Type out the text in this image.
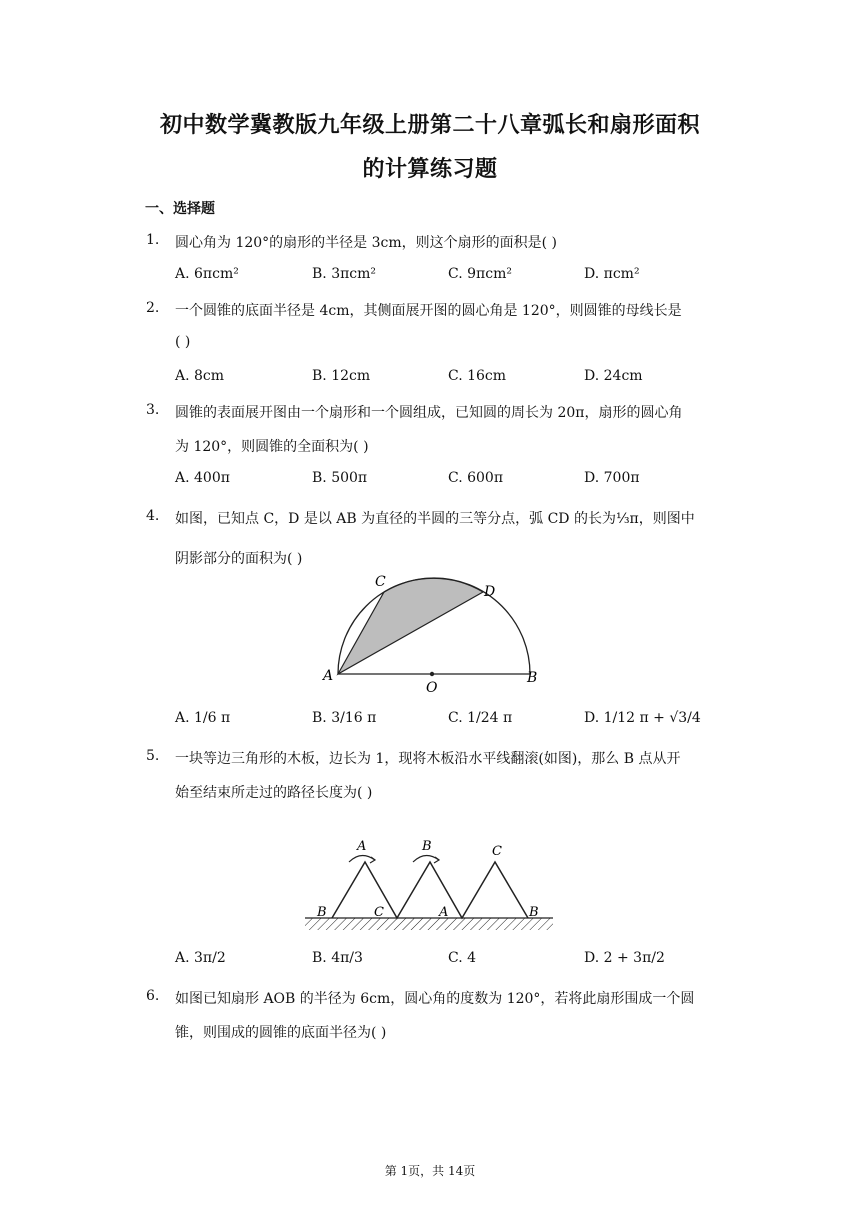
初中数学冀教版九年级上册第二十八章弧长和扇形面积
的计算练习题
一、选择题
1. 圆心角为 120°的扇形的半径是 3cm，则这个扇形的面积是( )
A. 6πcm²	B. 3πcm²	C. 9πcm²	D. πcm²
2. 一个圆锥的底面半径是 4cm，其侧面展开图的圆心角是 120°，则圆锥的母线长是
( )
A. 8cm	B. 12cm	C. 16cm	D. 24cm
3. 圆锥的表面展开图由一个扇形和一个圆组成，已知圆的周长为 20π，扇形的圆心角
为 120°，则圆锥的全面积为( )
A. 400π	B. 500π	C. 600π	D. 700π
4. 如图，已知点 C，D 是以 AB 为直径的半圆的三等分点，弧 CD 的长为⅓π，则图中
阴影部分的面积为( )
C
D
A
O
B
A. 1/6 π	B. 3/16 π	C. 1/24 π	D. 1/12 π + √3/4
5. 一块等边三角形的木板，边长为 1，现将木板沿水平线翻滚(如图)，那么 B 点从开
始至结束所走过的路径长度为( )
A	B	C
B	C	A	B
A. 3π/2	B. 4π/3	C. 4	D. 2 + 3π/2
6. 如图已知扇形 AOB 的半径为 6cm，圆心角的度数为 120°，若将此扇形围成一个圆
锥，则围成的圆锥的底面半径为( )
第 1页，共 14页
